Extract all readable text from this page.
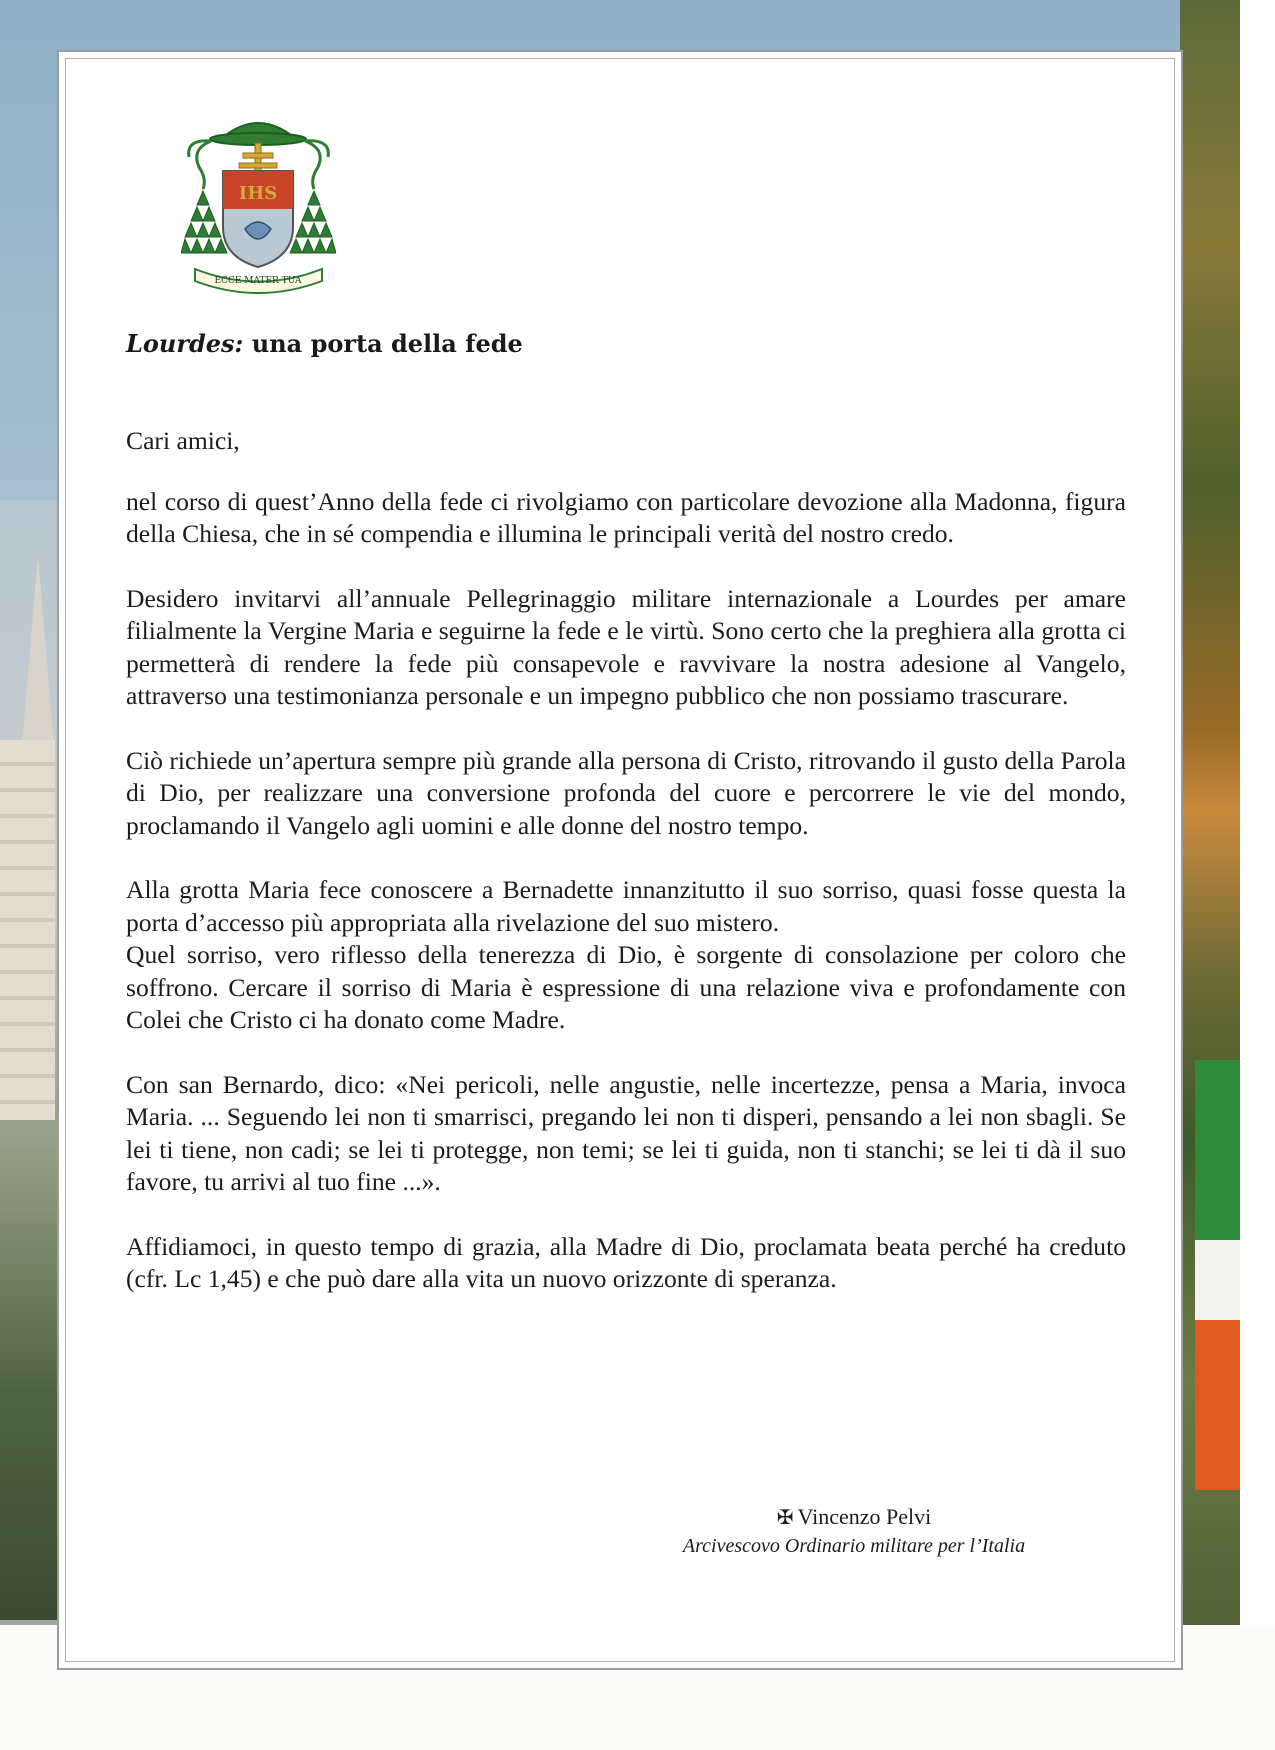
IHS
ECCE MATER TUA
Lourdes: una porta della fede

Cari amici,

nel corso di quest’Anno della fede ci rivolgiamo con particolare devozione alla Madonna, figura della Chiesa, che in sé compendia e illumina le principali verità del nostro credo.

Desidero invitarvi all’annuale Pellegrinaggio militare internazionale a Lourdes per amare filialmente la Vergine Maria e seguirne la fede e le virtù. Sono certo che la preghiera alla grotta ci permetterà di rendere la fede più consapevole e ravvivare la nostra adesione al Vangelo, attraverso una testimonianza personale e un impegno pubblico che non possiamo trascurare.

Ciò richiede un’apertura sempre più grande alla persona di Cristo, ritrovando il gusto della Parola di Dio, per realizzare una conversione profonda del cuore e percorrere le vie del mondo, proclamando il Vangelo agli uomini e alle donne del nostro tempo.

Alla grotta Maria fece conoscere a Bernadette innanzitutto il suo sorriso, quasi fosse questa la porta d’accesso più appropriata alla rivelazione del suo mistero.

Quel sorriso, vero riflesso della tenerezza di Dio, è sorgente di consolazione per coloro che soffrono. Cercare il sorriso di Maria è espressione di una relazione viva e profondamente con Colei che Cristo ci ha donato come Madre.

Con san Bernardo, dico: «Nei pericoli, nelle angustie, nelle incertezze, pensa a Maria, invoca Maria. ... Seguendo lei non ti smarrisci, pregando lei non ti disperi, pensando a lei non sbagli. Se lei ti tiene, non cadi; se lei ti protegge, non temi; se lei ti guida, non ti stanchi; se lei ti dà il suo favore, tu arrivi al tuo fine ...».

Affidiamoci, in questo tempo di grazia, alla Madre di Dio, proclamata beata perché ha creduto (cfr. Lc 1,45) e che può dare alla vita un nuovo orizzonte di speranza.

✠ Vincenzo Pelvi
Arcivescovo Ordinario militare per l’Italia
